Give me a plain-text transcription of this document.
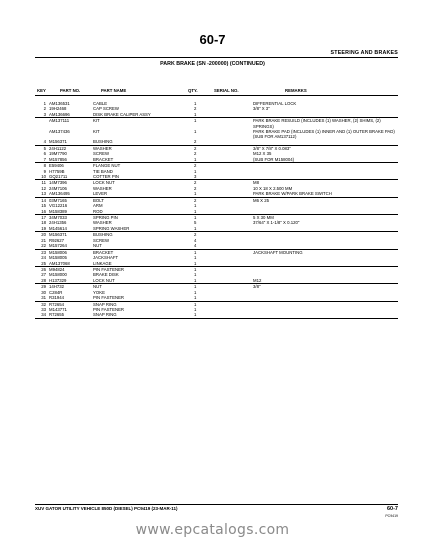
60-7
STEERING AND BRAKES
PARK BRAKE (SN -200000) (CONTINUED)
KEY	PART NO.	PART NAME	QTY.	SERIAL NO.	REMARKS
1 AM136531	CABLE	1	DIFFERENTIAL LOCK
2 19H2468	CAP SCREW	2	3/8" X 3"
3 AM136696	DISK BRAKE CALIPER ASSY	1
AM137111	KIT	1	PARK BRAKE RESUILD (INCLUDES (1) WASHER, (2) SHIMS, (2) SPRINGS)
AM137436	KIT	1	PARK BRAKE PAD (INCLUDES (1) INNER AND (1) OUTER BRAKE PAD) (SUB FOR AM137112)
4 M156371	BUSHING	2
5 24H1122	WASHER	2	3/8" X 7/8" X 0.083"
6 19M7790	SCREW	2	M12 X 35
7 M157856	BRACKET	1	(SUB FOR M158004)
8 E59406	FLANGE NUT	2
9 H7759B	TIE BAND	1
10 GQ21711	COTTER PIN	3
11 14M7396	LOCK NUT	2	M8
12 24M7106	WASHER	2	10 X 18 X 2.500 MM
13 AM136495	LEVER	1	PARK BRAKE W/PARK BRAKE SWITCH
14 03M7165	BOLT	2	M6 X 25
15 VG12216	ARM	1
16 M158389	ROD	1
17 34M7033	SPRING PIN	1	5 X 30 MM
18 24H1356	WASHER	5	37/64" X 1-1/8" X 0.120"
19 M145614	SPRING WASHER	1
20 M156371	BUSHING	2
21 R92627	SCREW	4
22 M157264	NUT	4
23 M158006	BRACKET	1	JACKSHAFT MOUNTING
24 M158005	JACKSHAFT	1
25 AM137068	LINKAGE	1
26 M94824	PIN FASTENER	1
27 M158000	BRAKE DISK	1
28 H137329	LOCK NUT	1	M12
29 14H732	NUT	1	3/8"
30 C284R	YOKE	1
31 R31944	PIN FASTENER	1
32 R72654	SNAP RING	1
33 M143771	PIN FASTENER	1
34 R72655	SNAP RING	1
XUV GATOR UTILITY VEHICLE 850D (DIESEL) PC9419 (23-MAR-11)	60-7
PC9419
www.epcatalogs.com
